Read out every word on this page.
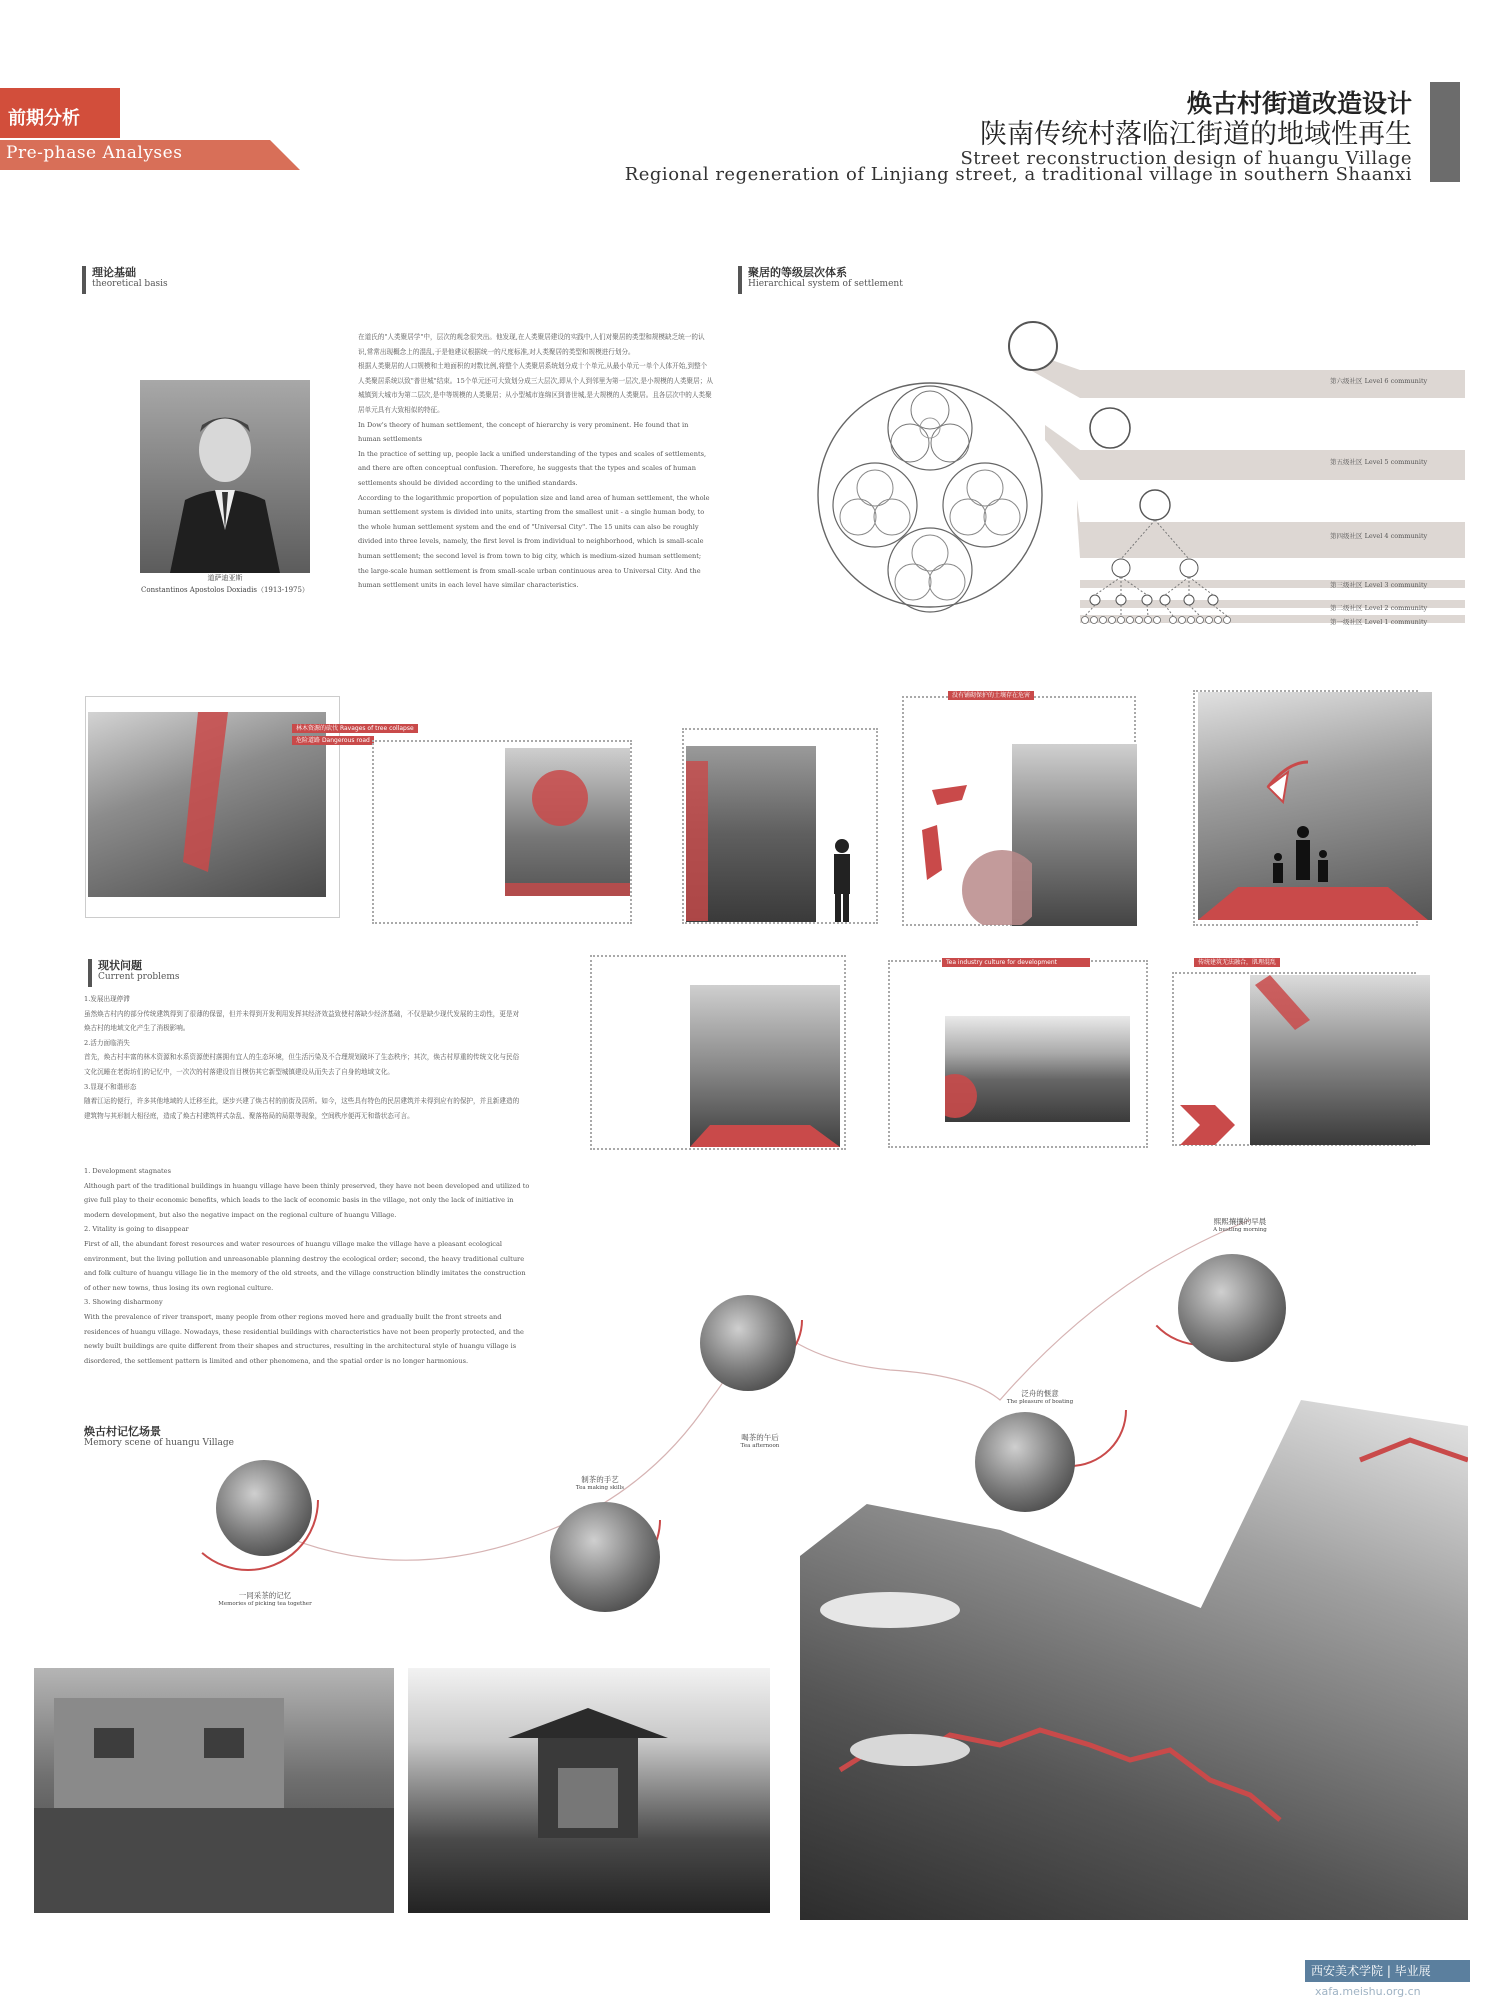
前期分析
Pre-phase Analyses
焕古村街道改造设计
陕南传统村落临江街道的地域性再生
Street reconstruction design of huangu Village
Regional regeneration of Linjiang street, a traditional village in southern Shaanxi
理论基础
theoretical basis
道萨迪亚斯
Constantinos Apostolos Doxiadis（1913-1975）

在道氏的"人类聚居学"中，层次的观念很突出。他发现,在人类聚居建设的实践中,人们对聚居的类型和规模缺乏统一的认识,常常出现概念上的混乱,于是他建议根据统一的尺度标准,对人类聚居的类型和规模进行划分。

根据人类聚居的人口规模和土地面积的对数比例,将整个人类聚居系统划分成十个单元,从最小单元一单个人体开始,到整个人类聚居系统以致"普世城"结束。15个单元还可大致划分成三大层次,即从个人到邻里为第一层次,是小规模的人类聚居；从城镇到大城市为第二层次,是中等规模的人类聚居；从小型城市连绵区到普世城,是大规模的人类聚居。且各层次中的人类聚居单元具有大致相似的特征。

In Dow's theory of human settlement, the concept of hierarchy is very prominent. He found that in human settlements

In the practice of setting up, people lack a unified understanding of the types and scales of settlements, and there are often conceptual confusion. Therefore, he suggests that the types and scales of human settlements should be divided according to the unified standards.

According to the logarithmic proportion of population size and land area of human settlement, the whole human settlement system is divided into units, starting from the smallest unit - a single human body, to the whole human settlement system and the end of "Universal City". The 15 units can also be roughly divided into three levels, namely, the first level is from individual to neighborhood, which is small-scale human settlement; the second level is from town to big city, which is medium-sized human settlement; the large-scale human settlement is from small-scale urban continuous area to Universal City. And the human settlement units in each level have similar characteristics.

聚居的等级层次体系
Hierarchical system of settlement
第六级社区 Level 6 community
第五级社区 Level 5 community
第四级社区 Level 4 community
第三级社区 Level 3 community
第二级社区 Level 2 community
第一级社区 Level 1 community
林木资源的砍伐 Ravages of tree collapse
危险道路 Dangerous road
没有铺砌保护的土壤存在危害
Tea industry culture for development	传统建筑无法融合，肌理混乱
现状问题
Current problems

1.发展出现停滞

虽然焕古村内的部分传统建筑得到了很薄的保留，但并未得到开发利用发挥其经济效益致使村落缺少经济基础，不仅是缺少现代发展的主动性，更是对焕古村的地域文化产生了消极影响。

2.活力面临消失

首先，焕古村丰富的林木资源和水系资源使村落拥有宜人的生态环境，但生活污染及不合理规划破坏了生态秩序；其次，焕古村厚重的传统文化与民俗文化沉睡在老街坊们的记忆中，一次次的村落建设盲目模仿其它新型城镇建设从而失去了自身的地域文化。

3.显现不和谐形态

随着江运的便行，许多其他地域的人迁移至此，逐步兴建了焕古村的前街及居所。如今，这些具有特色的民居建筑并未得到应有的保护，并且新建造的建筑物与其形制大相径庭，造成了焕古村建筑样式杂乱、聚落格局的局限等现象，空间秩序便再无和谐状态可言。

1. Development stagnates

Although part of the traditional buildings in huangu village have been thinly preserved, they have not been developed and utilized to give full play to their economic benefits, which leads to the lack of economic basis in the village, not only the lack of initiative in modern development, but also the negative impact on the regional culture of huangu Village.

2. Vitality is going to disappear

First of all, the abundant forest resources and water resources of huangu village make the village have a pleasant ecological environment, but the living pollution and unreasonable planning destroy the ecological order; second, the heavy traditional culture and folk culture of huangu village lie in the memory of the old streets, and the village construction blindly imitates the construction of other new towns, thus losing its own regional culture.

3. Showing disharmony

With the prevalence of river transport, many people from other regions moved here and gradually built the front streets and residences of huangu village. Nowadays, these residential buildings with characteristics have not been properly protected, and the newly built buildings are quite different from their shapes and structures, resulting in the architectural style of huangu village is disordered, the settlement pattern is limited and other phenomena, and the spatial order is no longer harmonious.

焕古村记忆场景
Memory scene of huangu Village
一同采茶的记忆
Memories of picking tea together
制茶的手艺
Tea making skills
喝茶的午后
Tea afternoon
泛舟的惬意
The pleasure of boating
熙熙攘攘的早晨
A bustling morning
西安美术学院 | 毕业展
xafa.meishu.org.cn
